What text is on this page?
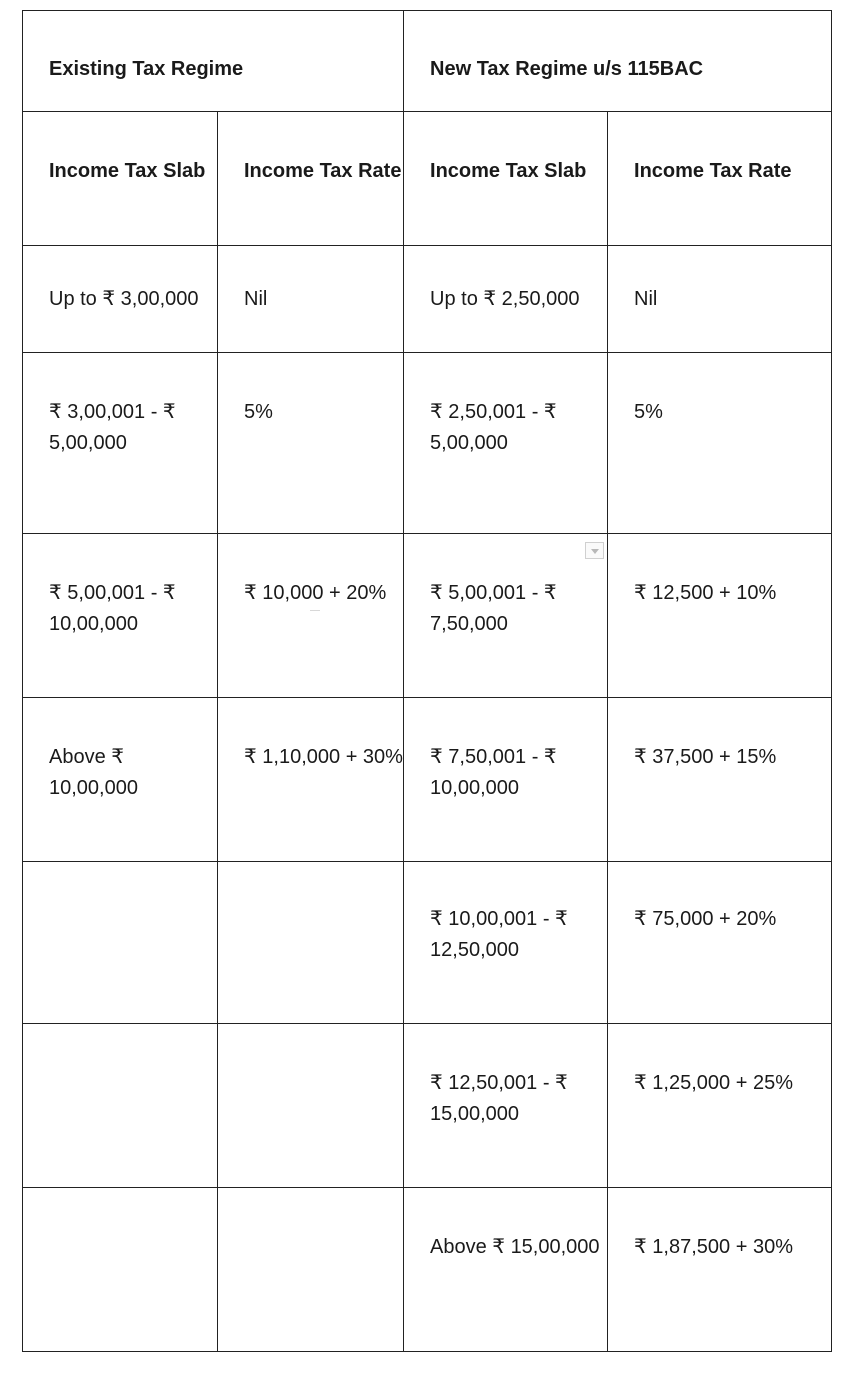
Existing Tax Regime		New Tax Regime u/s 115BAC	
Income Tax Slab	Income Tax Rate	Income Tax Slab	Income Tax Rate
Up to ₹ 3,00,000	Nil	Up to ₹ 2,50,000	Nil
₹ 3,00,001 - ₹ 5,00,000	5%	₹ 2,50,001 - ₹ 5,00,000	5%
₹ 5,00,001 - ₹ 10,00,000	₹ 10,000 + 20%	₹ 5,00,001 - ₹ 7,50,000	₹ 12,500 + 10%
Above ₹ 10,00,000	₹ 1,10,000 + 30%	₹ 7,50,001 - ₹ 10,00,000	₹ 37,500 + 15%
		₹ 10,00,001 - ₹ 12,50,000	₹ 75,000 + 20%
		₹ 12,50,001 - ₹ 15,00,000	₹ 1,25,000 + 25%
		Above ₹ 15,00,000	₹ 1,87,500 + 30%
